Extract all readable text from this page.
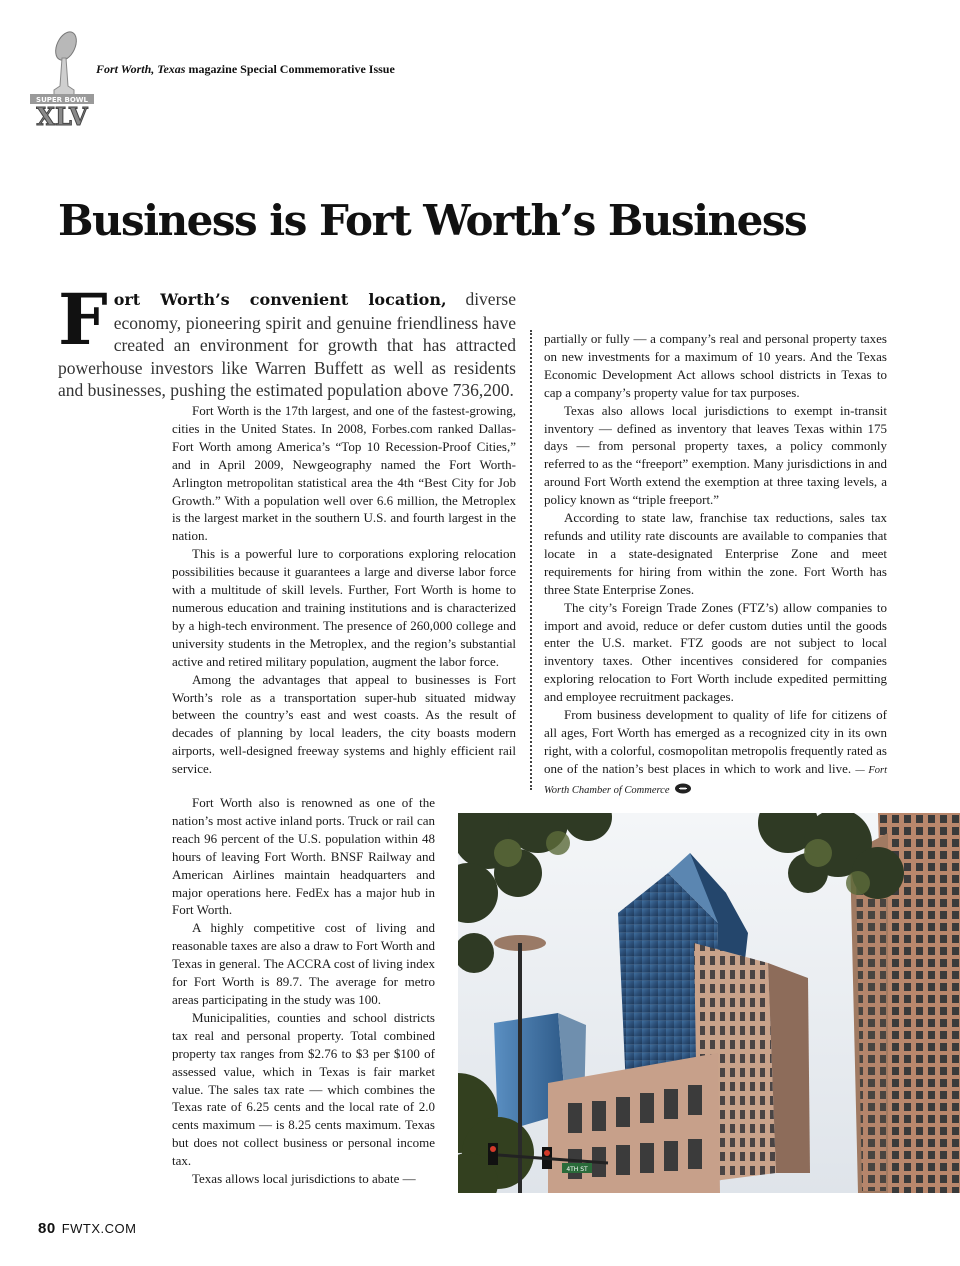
SUPER BOWL
XLV
Fort Worth, Texas magazine Special Commemorative Issue
Business is Fort Worth’s Business
Fort Worth’s convenient location, diverse economy, pioneering spirit and genuine friendliness have created an environment for growth that has attracted powerhouse investors like Warren Buffett as well as residents and businesses, pushing the estimated population above 736,200.

Fort Worth is the 17th largest, and one of the fastest-growing, cities in the United States. In 2008, Forbes.com ranked Dallas-Fort Worth among America’s “Top 10 Recession-Proof Cities,” and in April 2009, Newgeography named the Fort Worth-Arlington metropolitan statistical area the 4th “Best City for Job Growth.” With a population well over 6.6 million, the Metroplex is the largest market in the southern U.S. and fourth largest in the nation.

This is a powerful lure to corporations exploring relocation possibilities because it guarantees a large and diverse labor force with a multitude of skill levels. Further, Fort Worth is home to numerous education and training institutions and is characterized by a high-tech environment. The presence of 260,000 college and university students in the Metroplex, and the region’s substantial active and retired military population, augment the labor force.

Among the advantages that appeal to businesses is Fort Worth’s role as a transportation super-hub situated midway between the country’s east and west coasts. As the result of decades of planning by local leaders, the city boasts modern airports, well-designed freeway systems and highly efficient rail service.

Fort Worth also is renowned as one of the nation’s most active inland ports. Truck or rail can reach 96 percent of the U.S. population within 48 hours of leaving Fort Worth. BNSF Railway and American Airlines maintain headquarters and major operations here. FedEx has a major hub in Fort Worth.

A highly competitive cost of living and reasonable taxes are also a draw to Fort Worth and Texas in general. The ACCRA cost of living index for Fort Worth is 89.7. The average for metro areas participating in the study was 100.

Municipalities, counties and school districts tax real and personal property. Total combined property tax ranges from $2.76 to $3 per $100 of assessed value, which in Texas is fair market value. The sales tax rate — which combines the Texas rate of 6.25 cents and the local rate of 2.0 cents maximum — is 8.25 cents maximum. Texas but does not collect business or personal income tax.

Texas allows local jurisdictions to abate —

partially or fully — a company’s real and personal property taxes on new investments for a maximum of 10 years. And the Texas Economic Development Act allows school districts in Texas to cap a company’s property value for tax purposes.

Texas also allows local jurisdictions to exempt in-transit inventory — defined as inventory that leaves Texas within 175 days — from personal property taxes, a policy commonly referred to as the “freeport” exemption. Many jurisdictions in and around Fort Worth extend the exemption at three taxing levels, a policy known as “triple freeport.”

According to state law, franchise tax reductions, sales tax refunds and utility rate discounts are available to companies that locate in a state-designated Enterprise Zone and meet requirements for hiring from within the zone. Fort Worth has three State Enterprise Zones.

The city’s Foreign Trade Zones (FTZ’s) allow companies to import and avoid, reduce or defer custom duties until the goods enter the U.S. market. FTZ goods are not subject to local inventory taxes. Other incentives considered for companies exploring relocation to Fort Worth include expedited permitting and employee recruitment packages.

From business development to quality of life for citizens of all ages, Fort Worth has emerged as a recognized city in its own right, with a colorful, cosmopolitan metropolis frequently rated as one of the nation’s best places in which to work and live. — Fort Worth Chamber of Commerce

4TH ST
80 FWTX.COM
